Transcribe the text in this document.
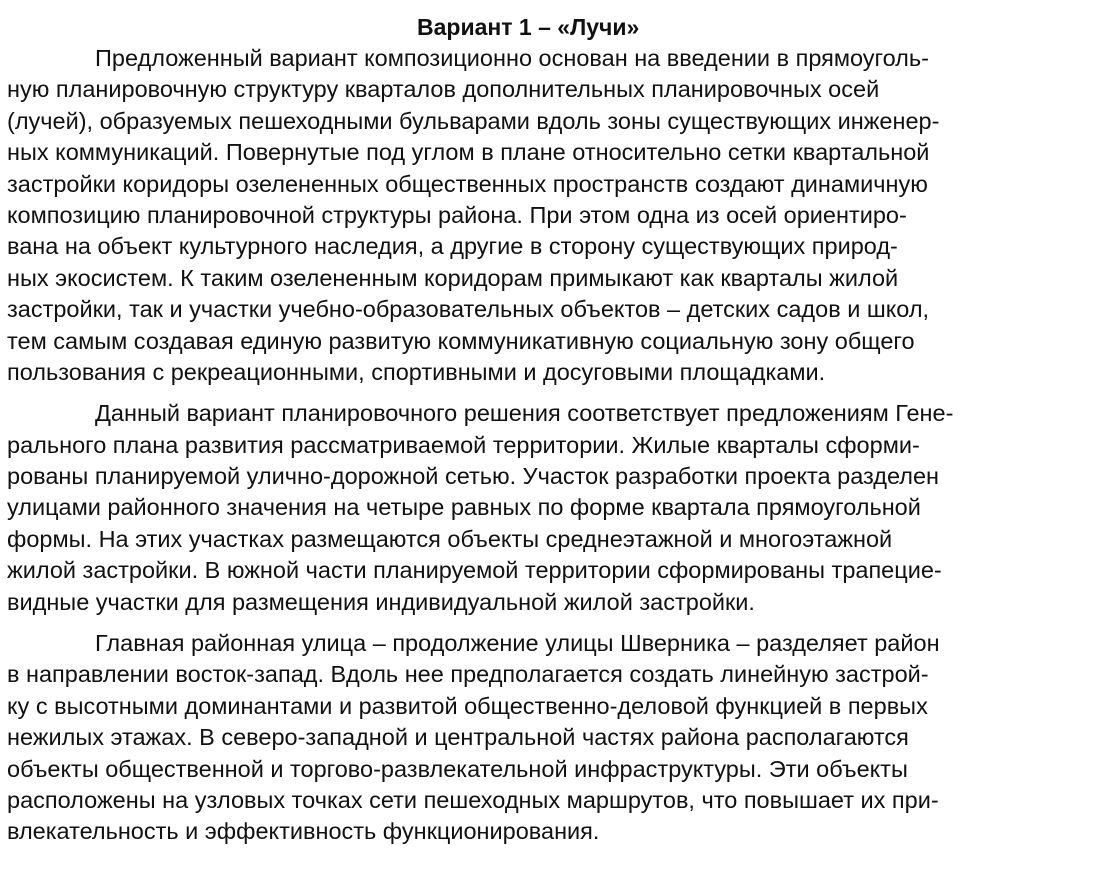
Вариант 1 – «Лучи»
Предложенный вариант композиционно основан на введении в прямоуголь-
ную планировочную структуру кварталов дополнительных планировочных осей
(лучей), образуемых пешеходными бульварами вдоль зоны существующих инженер-
ных коммуникаций. Повернутые под углом в плане относительно сетки квартальной
застройки коридоры озелененных общественных пространств создают динамичную
композицию планировочной структуры района. При этом одна из осей ориентиро-
вана на объект культурного наследия, а другие в сторону существующих природ-
ных экосистем. К таким озелененным коридорам примыкают как кварталы жилой
застройки, так и участки учебно-образовательных объектов – детских садов и школ,
тем самым создавая единую развитую коммуникативную социальную зону общего
пользования с рекреационными, спортивными и досуговыми площадками.
Данный вариант планировочного решения соответствует предложениям Гене-
рального плана развития рассматриваемой территории. Жилые кварталы сформи-
рованы планируемой улично-дорожной сетью. Участок разработки проекта разделен
улицами районного значения на четыре равных по форме квартала прямоугольной
формы. На этих участках размещаются объекты среднеэтажной и многоэтажной
жилой застройки. В южной части планируемой территории сформированы трапецие-
видные участки для размещения индивидуальной жилой застройки.
Главная районная улица – продолжение улицы Шверника – разделяет район
в направлении восток-запад. Вдоль нее предполагается создать линейную застрой-
ку с высотными доминантами и развитой общественно-деловой функцией в первых
нежилых этажах. В северо-западной и центральной частях района располагаются
объекты общественной и торгово-развлекательной инфраструктуры. Эти объекты
расположены на узловых точках сети пешеходных маршрутов, что повышает их при-
влекательность и эффективность функционирования.
